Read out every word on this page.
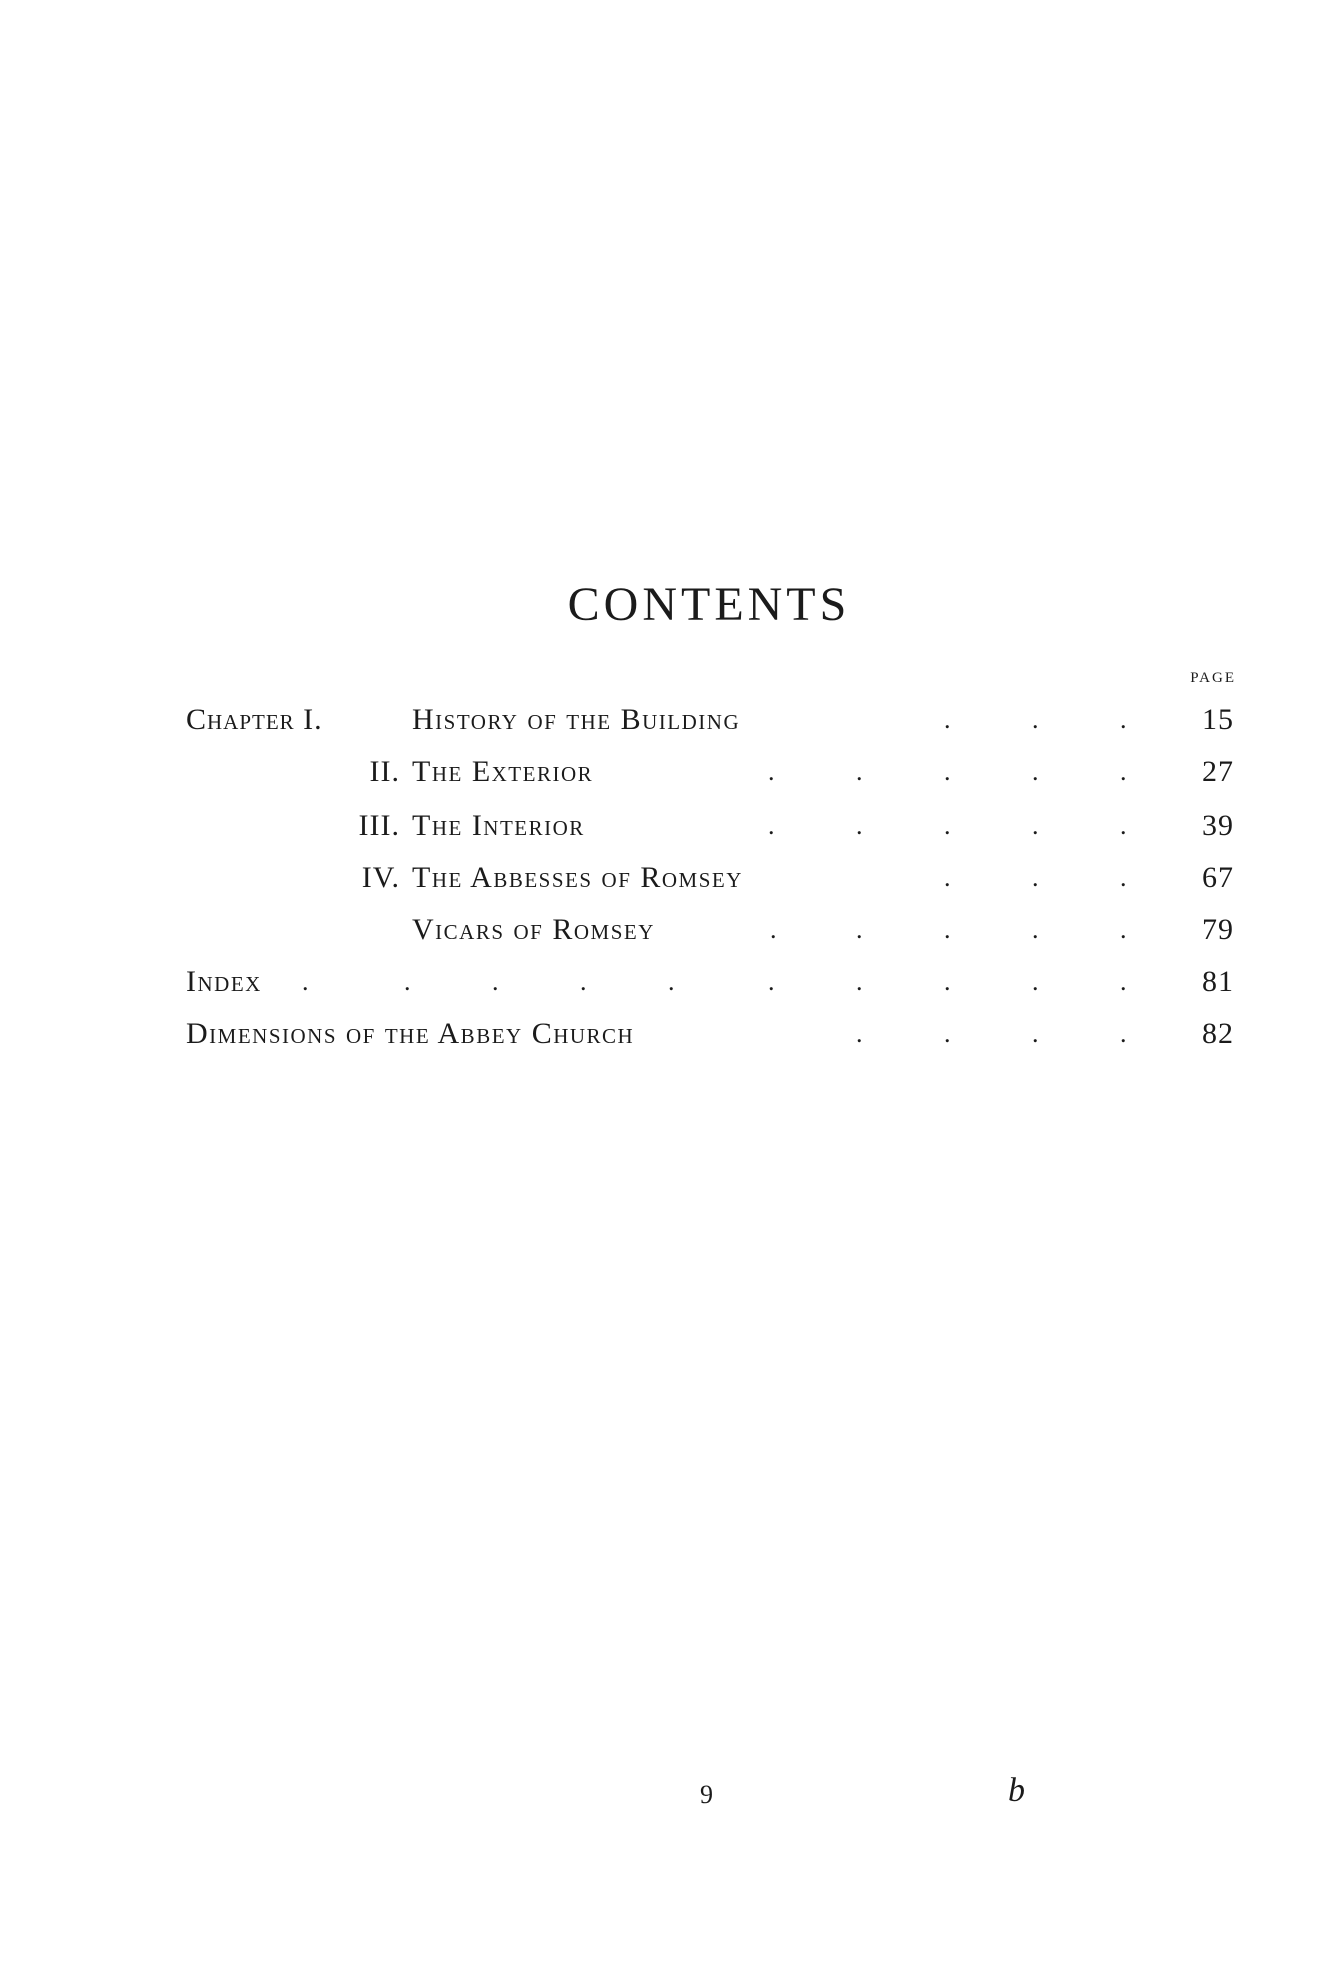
CONTENTS
PAGE
Chapter I.	History of the Building	.	.	.	15
II. The Exterior	.	.	.	.	.	27
III. The Interior	.	.	.	.	.	39
IV. The Abbesses of Romsey	.	.	.	67
Vicars of Romsey	.	.	.	.	.	79
Index .	.	.	.	.	.	.	.	.	.	81
Dimensions of the Abbey Church	.	.	.	.	82
9	b
